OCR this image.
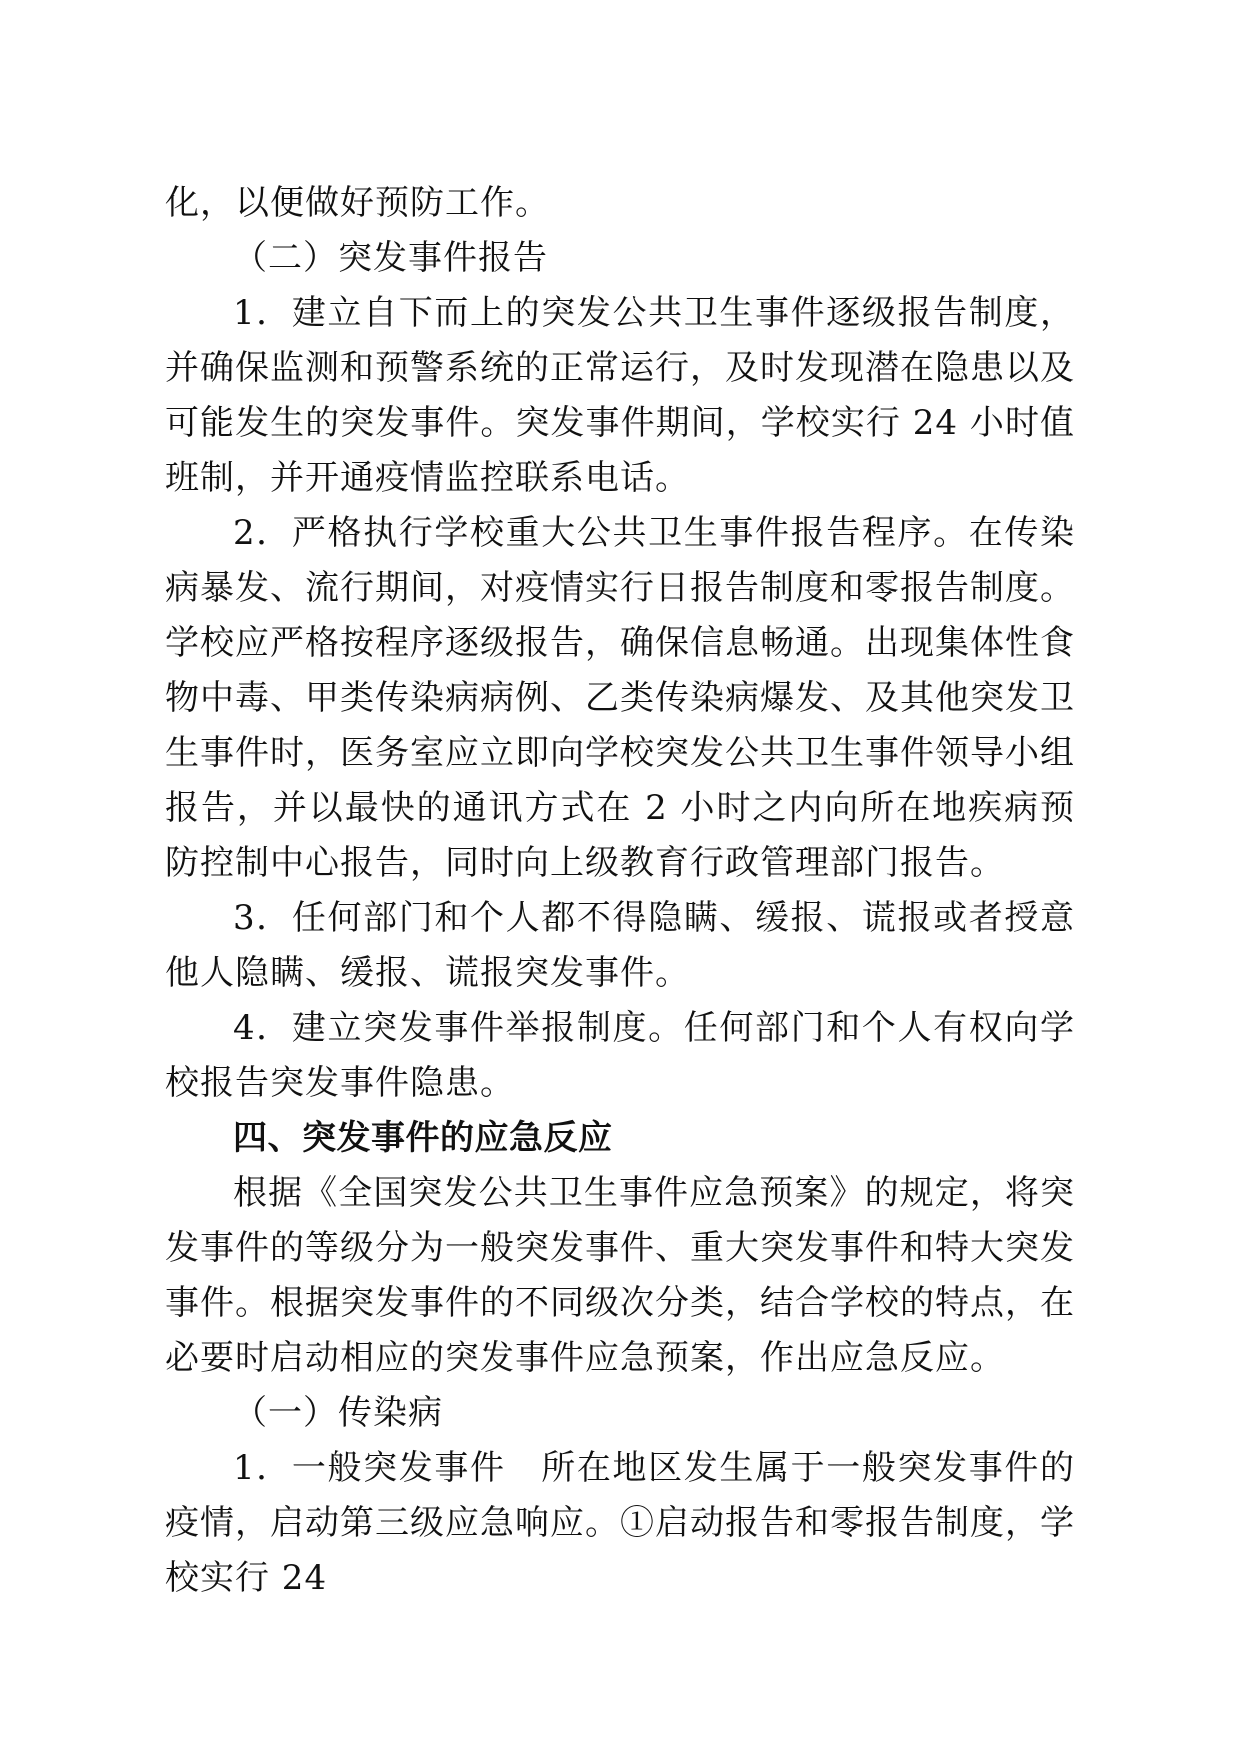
化，以便做好预防工作。

（二）突发事件报告

1．建立自下而上的突发公共卫生事件逐级报告制度，并确保监测和预警系统的正常运行，及时发现潜在隐患以及可能发生的突发事件。突发事件期间，学校实行 24 小时值班制，并开通疫情监控联系电话。

2．严格执行学校重大公共卫生事件报告程序。在传染病暴发、流行期间，对疫情实行日报告制度和零报告制度。学校应严格按程序逐级报告，确保信息畅通。出现集体性食物中毒、甲类传染病病例、乙类传染病爆发、及其他突发卫生事件时，医务室应立即向学校突发公共卫生事件领导小组报告，并以最快的通讯方式在 2 小时之内向所在地疾病预防控制中心报告，同时向上级教育行政管理部门报告。

3．任何部门和个人都不得隐瞒、缓报、谎报或者授意他人隐瞒、缓报、谎报突发事件。

4．建立突发事件举报制度。任何部门和个人有权向学校报告突发事件隐患。

四、突发事件的应急反应

根据《全国突发公共卫生事件应急预案》的规定，将突发事件的等级分为一般突发事件、重大突发事件和特大突发事件。根据突发事件的不同级次分类，结合学校的特点，在必要时启动相应的突发事件应急预案，作出应急反应。

（一）传染病

1．一般突发事件　所在地区发生属于一般突发事件的疫情，启动第三级应急响应。①启动报告和零报告制度，学校实行 24
